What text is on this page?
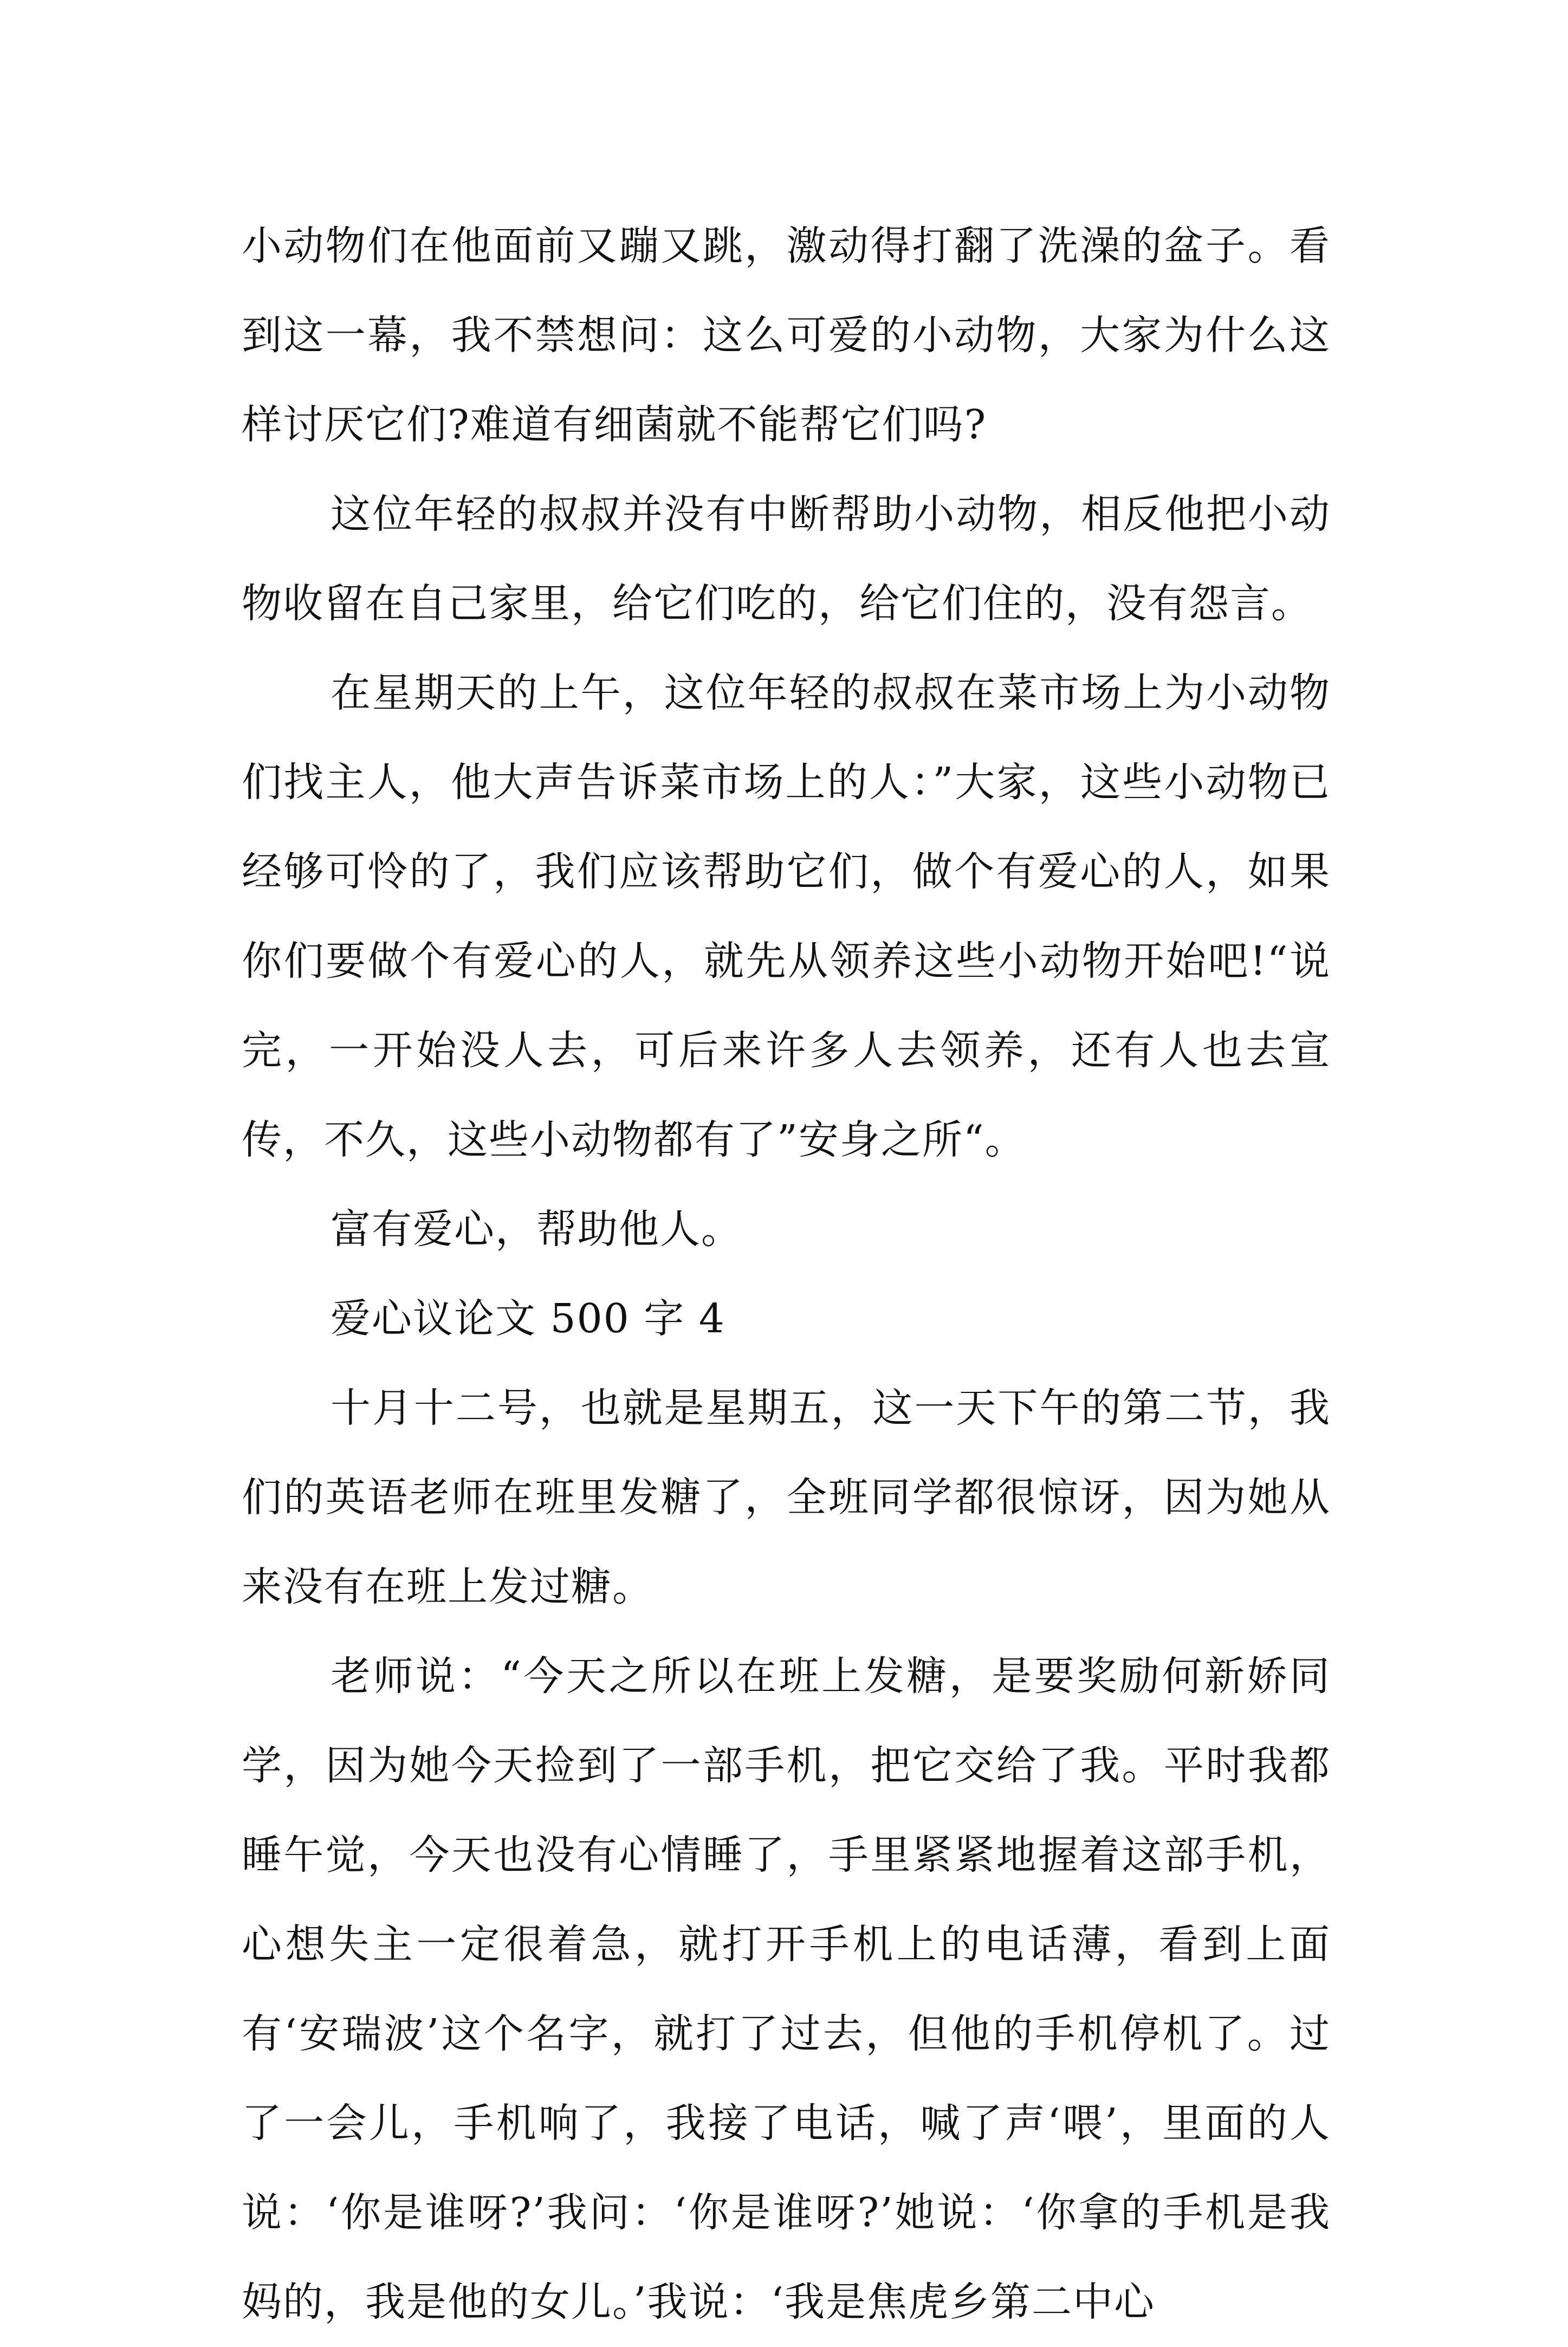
小动物们在他面前又蹦又跳，激动得打翻了洗澡的盆子。看到这一幕，我不禁想问：这么可爱的小动物，大家为什么这样讨厌它们?难道有细菌就不能帮它们吗?

这位年轻的叔叔并没有中断帮助小动物，相反他把小动物收留在自己家里，给它们吃的，给它们住的，没有怨言。

在星期天的上午，这位年轻的叔叔在菜市场上为小动物们找主人，他大声告诉菜市场上的人：”大家，这些小动物已经够可怜的了，我们应该帮助它们，做个有爱心的人，如果你们要做个有爱心的人，就先从领养这些小动物开始吧!“说完，一开始没人去，可后来许多人去领养，还有人也去宣传，不久，这些小动物都有了”安身之所“。

富有爱心，帮助他人。

爱心议论文 500 字 4

十月十二号，也就是星期五，这一天下午的第二节，我们的英语老师在班里发糖了，全班同学都很惊讶，因为她从来没有在班上发过糖。

老师说：“今天之所以在班上发糖，是要奖励何新娇同学，因为她今天捡到了一部手机，把它交给了我。平时我都睡午觉，今天也没有心情睡了，手里紧紧地握着这部手机，心想失主一定很着急，就打开手机上的电话薄，看到上面有‘安瑞波’这个名字，就打了过去，但他的手机停机了。过了一会儿，手机响了，我接了电话，喊了声‘喂’，里面的人说：‘你是谁呀?’我问：‘你是谁呀?’她说：‘你拿的手机是我妈的，我是他的女儿。’我说：‘我是焦虎乡第二中心
